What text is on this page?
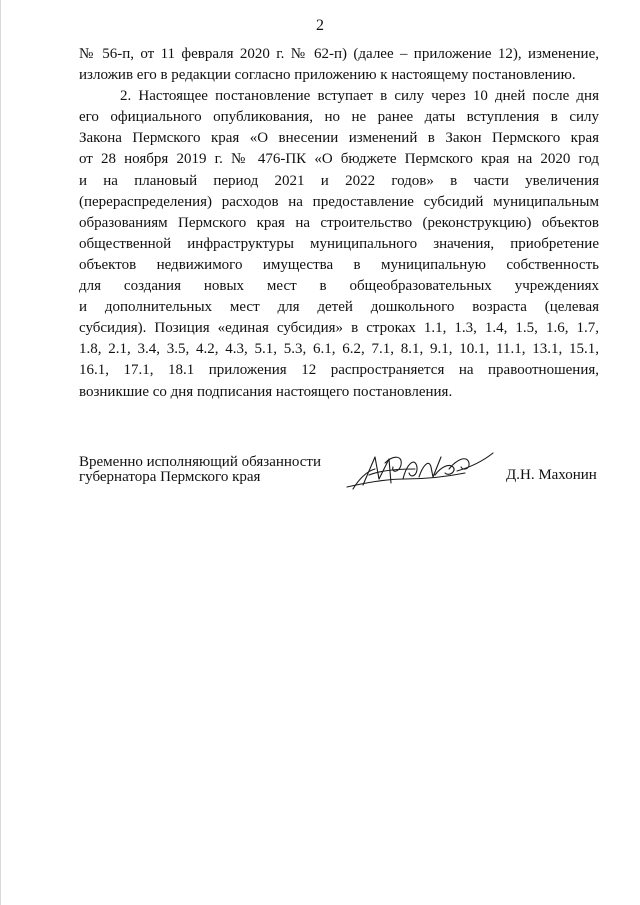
2
№ 56-п, от 11 февраля 2020 г. № 62-п) (далее – приложение 12), изменение,
изложив его в редакции согласно приложению к настоящему постановлению.
2. Настоящее постановление вступает в силу через 10 дней после дня
его официального опубликования, но не ранее даты вступления в силу
Закона Пермского края «О внесении изменений в Закон Пермского края
от 28 ноября 2019 г. № 476-ПК «О бюджете Пермского края на 2020 год
и на плановый период 2021 и 2022 годов» в части увеличения
(перераспределения) расходов на предоставление субсидий муниципальным
образованиям Пермского края на строительство (реконструкцию) объектов
общественной инфраструктуры муниципального значения, приобретение
объектов недвижимого имущества в муниципальную собственность
для создания новых мест в общеобразовательных учреждениях
и дополнительных мест для детей дошкольного возраста (целевая
субсидия). Позиция «единая субсидия» в строках 1.1, 1.3, 1.4, 1.5, 1.6, 1.7,
1.8, 2.1, 3.4, 3.5, 4.2, 4.3, 5.1, 5.3, 6.1, 6.2, 7.1, 8.1, 9.1, 10.1, 11.1, 13.1, 15.1,
16.1, 17.1, 18.1 приложения 12 распространяется на правоотношения,
возникшие со дня подписания настоящего постановления.
Временно исполняющий обязанности
губернатора Пермского края	Д.Н. Махонин
